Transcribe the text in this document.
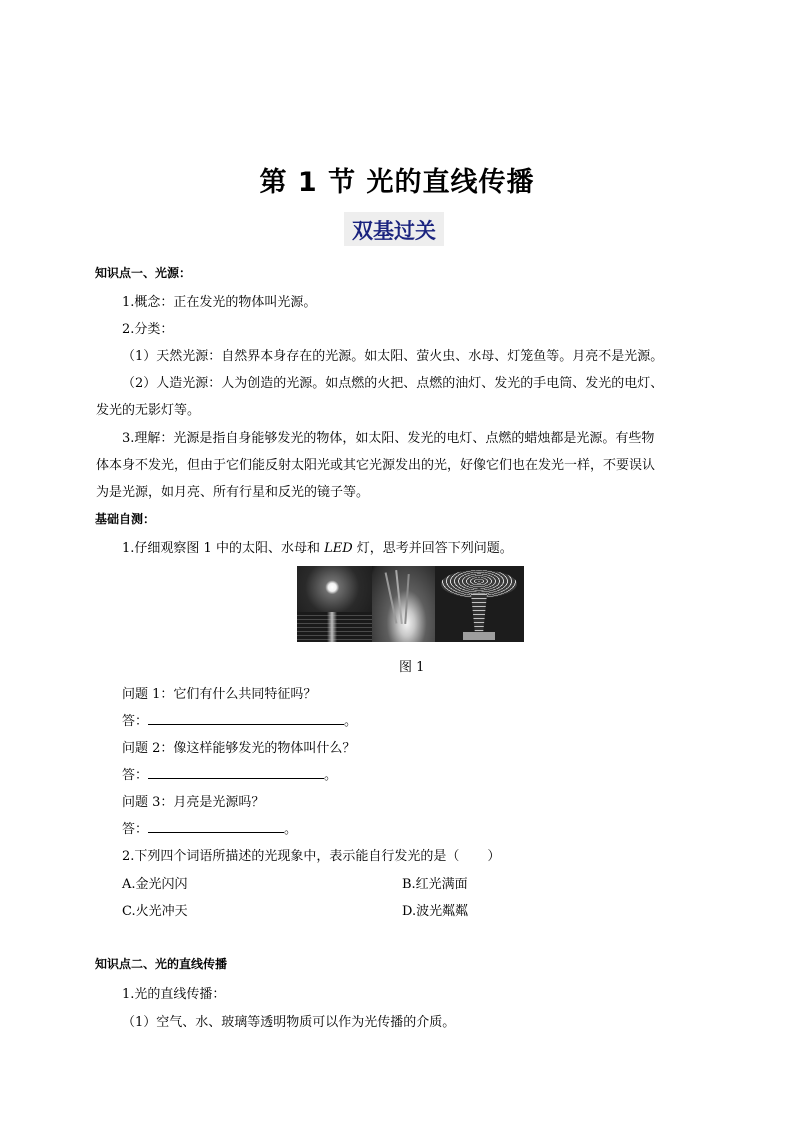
第 1 节 光的直线传播
双基过关
知识点一、光源：
1.概念：正在发光的物体叫光源。
2.分类：
（1）天然光源：自然界本身存在的光源。如太阳、萤火虫、水母、灯笼鱼等。月亮不是光源。
（2）人造光源：人为创造的光源。如点燃的火把、点燃的油灯、发光的手电筒、发光的电灯、
发光的无影灯等。
3.理解：光源是指自身能够发光的物体，如太阳、发光的电灯、点燃的蜡烛都是光源。有些物
体本身不发光，但由于它们能反射太阳光或其它光源发出的光，好像它们也在发光一样，不要误认
为是光源，如月亮、所有行星和反光的镜子等。
基础自测：
1.仔细观察图 1 中的太阳、水母和 LED 灯，思考并回答下列问题。
图 1
问题 1：它们有什么共同特征吗？
答：	。
问题 2：像这样能够发光的物体叫什么？
答：	。
问题 3：月亮是光源吗？
答：	。
2.下列四个词语所描述的光现象中，表示能自行发光的是（ ）
A.金光闪闪	B.红光满面
C.火光冲天	D.波光粼粼
知识点二、光的直线传播
1.光的直线传播：
（1）空气、水、玻璃等透明物质可以作为光传播的介质。
